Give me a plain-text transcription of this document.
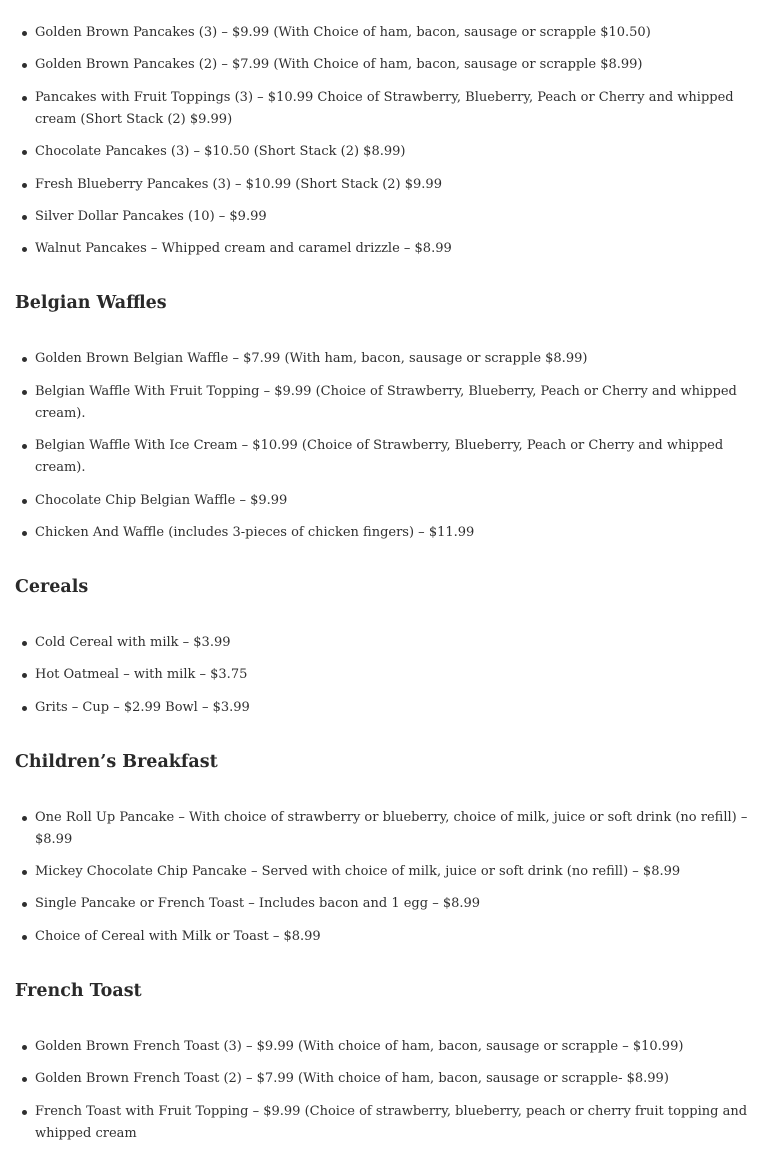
Golden Brown Pancakes (3) – $9.99 (With Choice of ham, bacon, sausage or scrapple $10.50)
Golden Brown Pancakes (2) – $7.99 (With Choice of ham, bacon, sausage or scrapple $8.99)
Pancakes with Fruit Toppings (3) – $10.99 Choice of Strawberry, Blueberry, Peach or Cherry and whipped cream (Short Stack (2) $9.99)
Chocolate Pancakes (3) – $10.50 (Short Stack (2) $8.99)
Fresh Blueberry Pancakes (3) – $10.99 (Short Stack (2) $9.99
Silver Dollar Pancakes (10) – $9.99
Walnut Pancakes – Whipped cream and caramel drizzle – $8.99
Belgian Waffles
Golden Brown Belgian Waffle – $7.99 (With ham, bacon, sausage or scrapple $8.99)
Belgian Waffle With Fruit Topping – $9.99 (Choice of Strawberry, Blueberry, Peach or Cherry and whipped cream).
Belgian Waffle With Ice Cream – $10.99 (Choice of Strawberry, Blueberry, Peach or Cherry and whipped cream).
Chocolate Chip Belgian Waffle – $9.99
Chicken And Waffle (includes 3-pieces of chicken fingers) – $11.99
Cereals
Cold Cereal with milk – $3.99
Hot Oatmeal – with milk – $3.75
Grits – Cup – $2.99 Bowl – $3.99
Children’s Breakfast
One Roll Up Pancake – With choice of strawberry or blueberry, choice of milk, juice or soft drink (no refill) – $8.99
Mickey Chocolate Chip Pancake – Served with choice of milk, juice or soft drink (no refill) – $8.99
Single Pancake or French Toast – Includes bacon and 1 egg – $8.99
Choice of Cereal with Milk or Toast – $8.99
French Toast
Golden Brown French Toast (3) – $9.99 (With choice of ham, bacon, sausage or scrapple – $10.99)
Golden Brown French Toast (2) – $7.99 (With choice of ham, bacon, sausage or scrapple- $8.99)
French Toast with Fruit Topping – $9.99 (Choice of strawberry, blueberry, peach or cherry fruit topping and whipped cream
